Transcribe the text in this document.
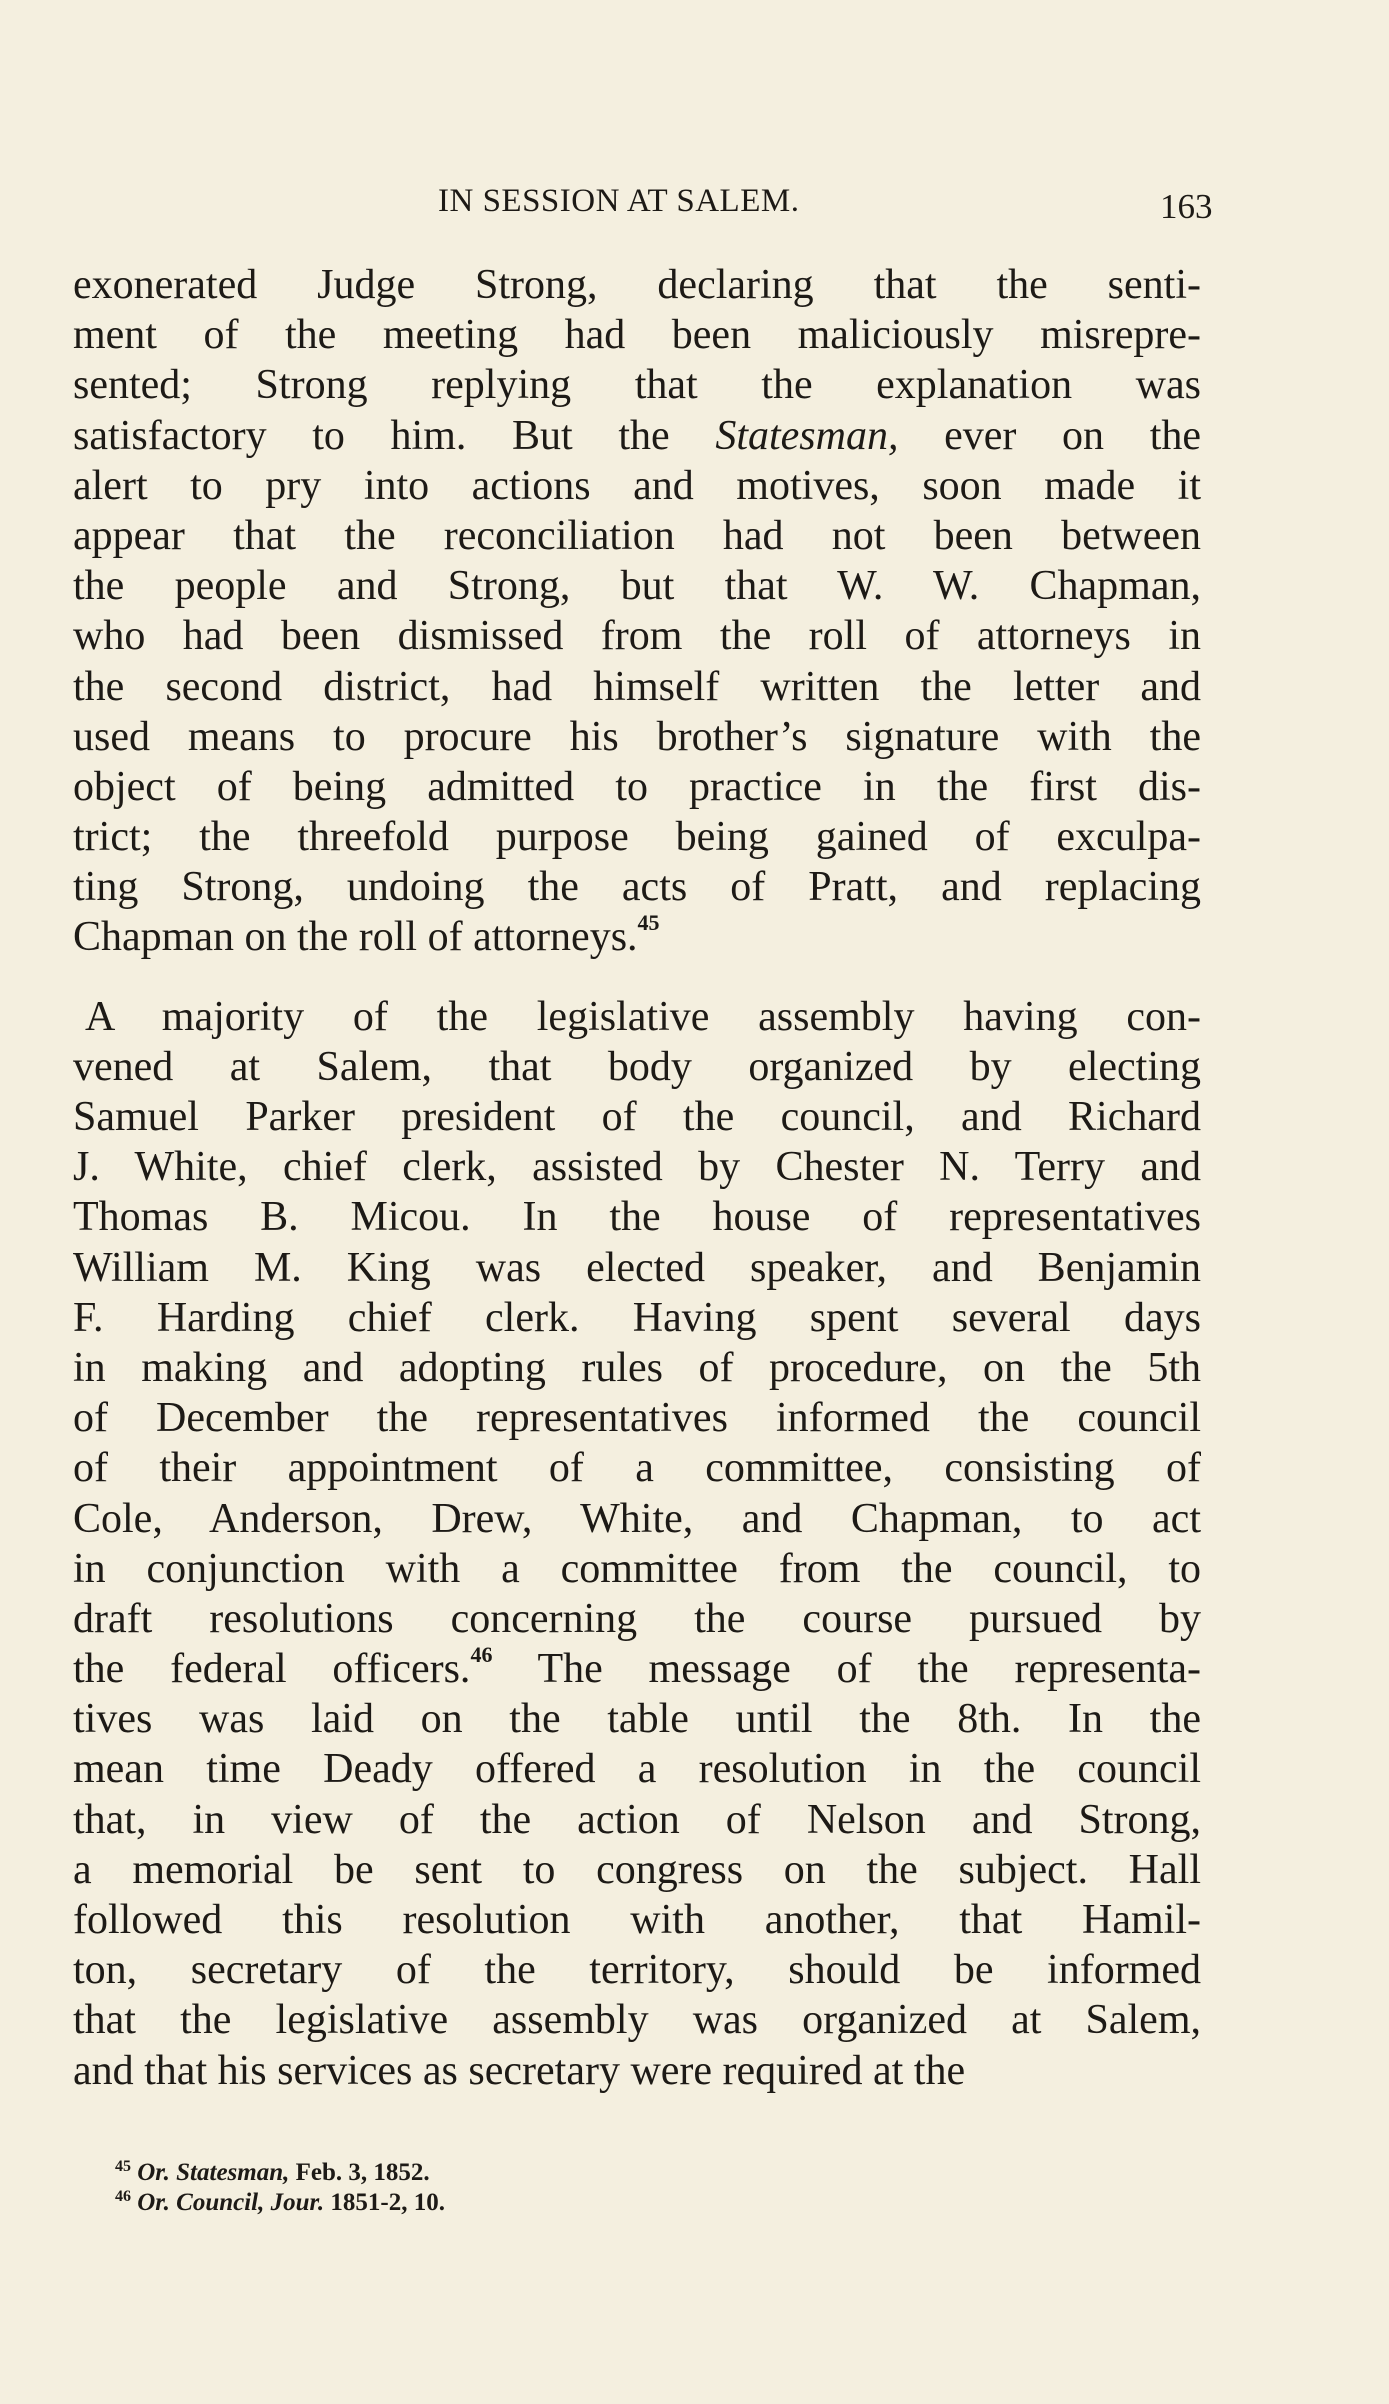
IN SESSION AT SALEM.	163
exonerated Judge Strong, declaring that the senti-
ment of the meeting had been maliciously misrepre-
sented; Strong replying that the explanation was
satisfactory to him. But the Statesman, ever on the
alert to pry into actions and motives, soon made it
appear that the reconciliation had not been between
the people and Strong, but that W. W. Chapman,
who had been dismissed from the roll of attorneys in
the second district, had himself written the letter and
used means to procure his brother’s signature with the
object of being admitted to practice in the first dis-
trict; the threefold purpose being gained of exculpa-
ting Strong, undoing the acts of Pratt, and replacing
Chapman on the roll of attorneys.$^{45}$
A majority of the legislative assembly having con-
vened at Salem, that body organized by electing
Samuel Parker president of the council, and Richard
J. White, chief clerk, assisted by Chester N. Terry and
Thomas B. Micou. In the house of representatives
William M. King was elected speaker, and Benjamin
F. Harding chief clerk. Having spent several days
in making and adopting rules of procedure, on the 5th
of December the representatives informed the council
of their appointment of a committee, consisting of
Cole, Anderson, Drew, White, and Chapman, to act
in conjunction with a committee from the council, to
draft resolutions concerning the course pursued by
the federal officers.$^{46}$ The message of the representa-
tives was laid on the table until the 8th. In the
mean time Deady offered a resolution in the council
that, in view of the action of Nelson and Strong,
a memorial be sent to congress on the subject. Hall
followed this resolution with another, that Hamil-
ton, secretary of the territory, should be informed
that the legislative assembly was organized at Salem,
and that his services as secretary were required at the
$^{45}$ Or. Statesman, Feb. 3, 1852.
$^{46}$ Or. Council, Jour. 1851-2, 10.
